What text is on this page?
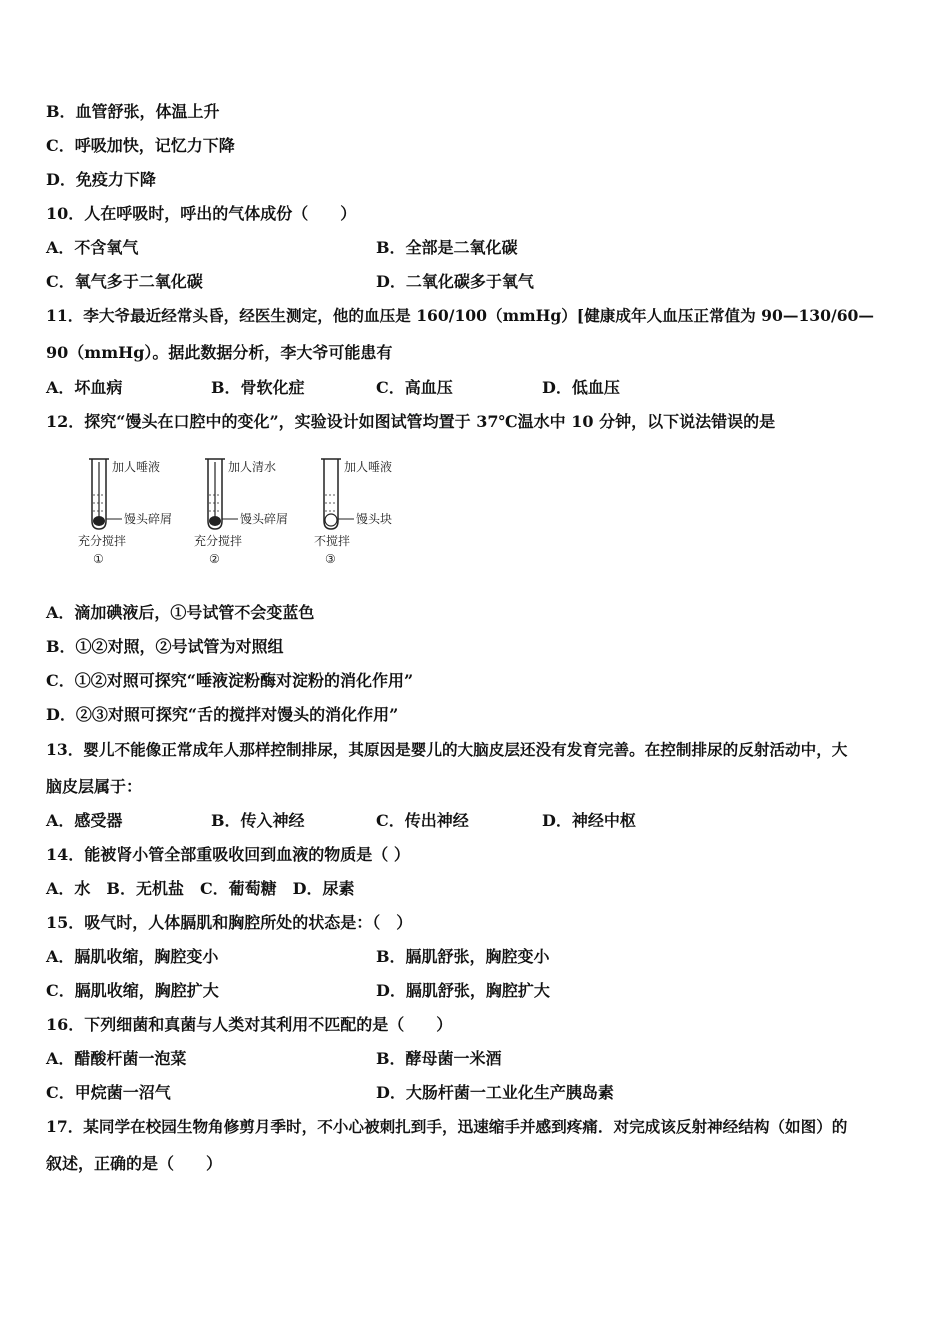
B．血管舒张，体温上升
C．呼吸加快，记忆力下降
D．免疫力下降
10．人在呼吸时，呼出的气体成份（　　）
A．不含氧气	B．全部是二氧化碳
C．氧气多于二氧化碳	D．二氧化碳多于氧气
11．李大爷最近经常头昏，经医生测定，他的血压是 160/100（mmHg）[健康成年人血压正常值为 90—130/60—
90（mmHg）。据此数据分析，李大爷可能患有
A．坏血病	B．骨软化症	C．高血压	D．低血压
12．探究“馒头在口腔中的变化”，实验设计如图试管均置于 37℃温水中 10 分钟，以下说法错误的是
加人唾液
馒头碎屑
充分搅拌
①
加人清水
馒头碎屑
充分搅拌
②
加人唾液
馒头块
不搅拌
③
A．滴加碘液后，①号试管不会变蓝色
B．①②对照，②号试管为对照组
C．①②对照可探究“唾液淀粉酶对淀粉的消化作用”
D．②③对照可探究“舌的搅拌对馒头的消化作用”
13．婴儿不能像正常成年人那样控制排尿，其原因是婴儿的大脑皮层还没有发育完善。在控制排尿的反射活动中，大
脑皮层属于：
A．感受器	B．传入神经	C．传出神经	D．神经中枢
14．能被肾小管全部重吸收回到血液的物质是（ ）
A．水　B．无机盐　C．葡萄糖　D．尿素
15．吸气时，人体膈肌和胸腔所处的状态是：（　）
A．膈肌收缩，胸腔变小	B．膈肌舒张，胸腔变小
C．膈肌收缩，胸腔扩大	D．膈肌舒张，胸腔扩大
16．下列细菌和真菌与人类对其利用不匹配的是（　　）
A．醋酸杆菌一泡菜	B．酵母菌一米酒
C．甲烷菌一沼气	D．大肠杆菌一工业化生产胰岛素
17．某同学在校园生物角修剪月季时，不小心被刺扎到手，迅速缩手并感到疼痛．对完成该反射神经结构（如图）的
叙述，正确的是（　　）
